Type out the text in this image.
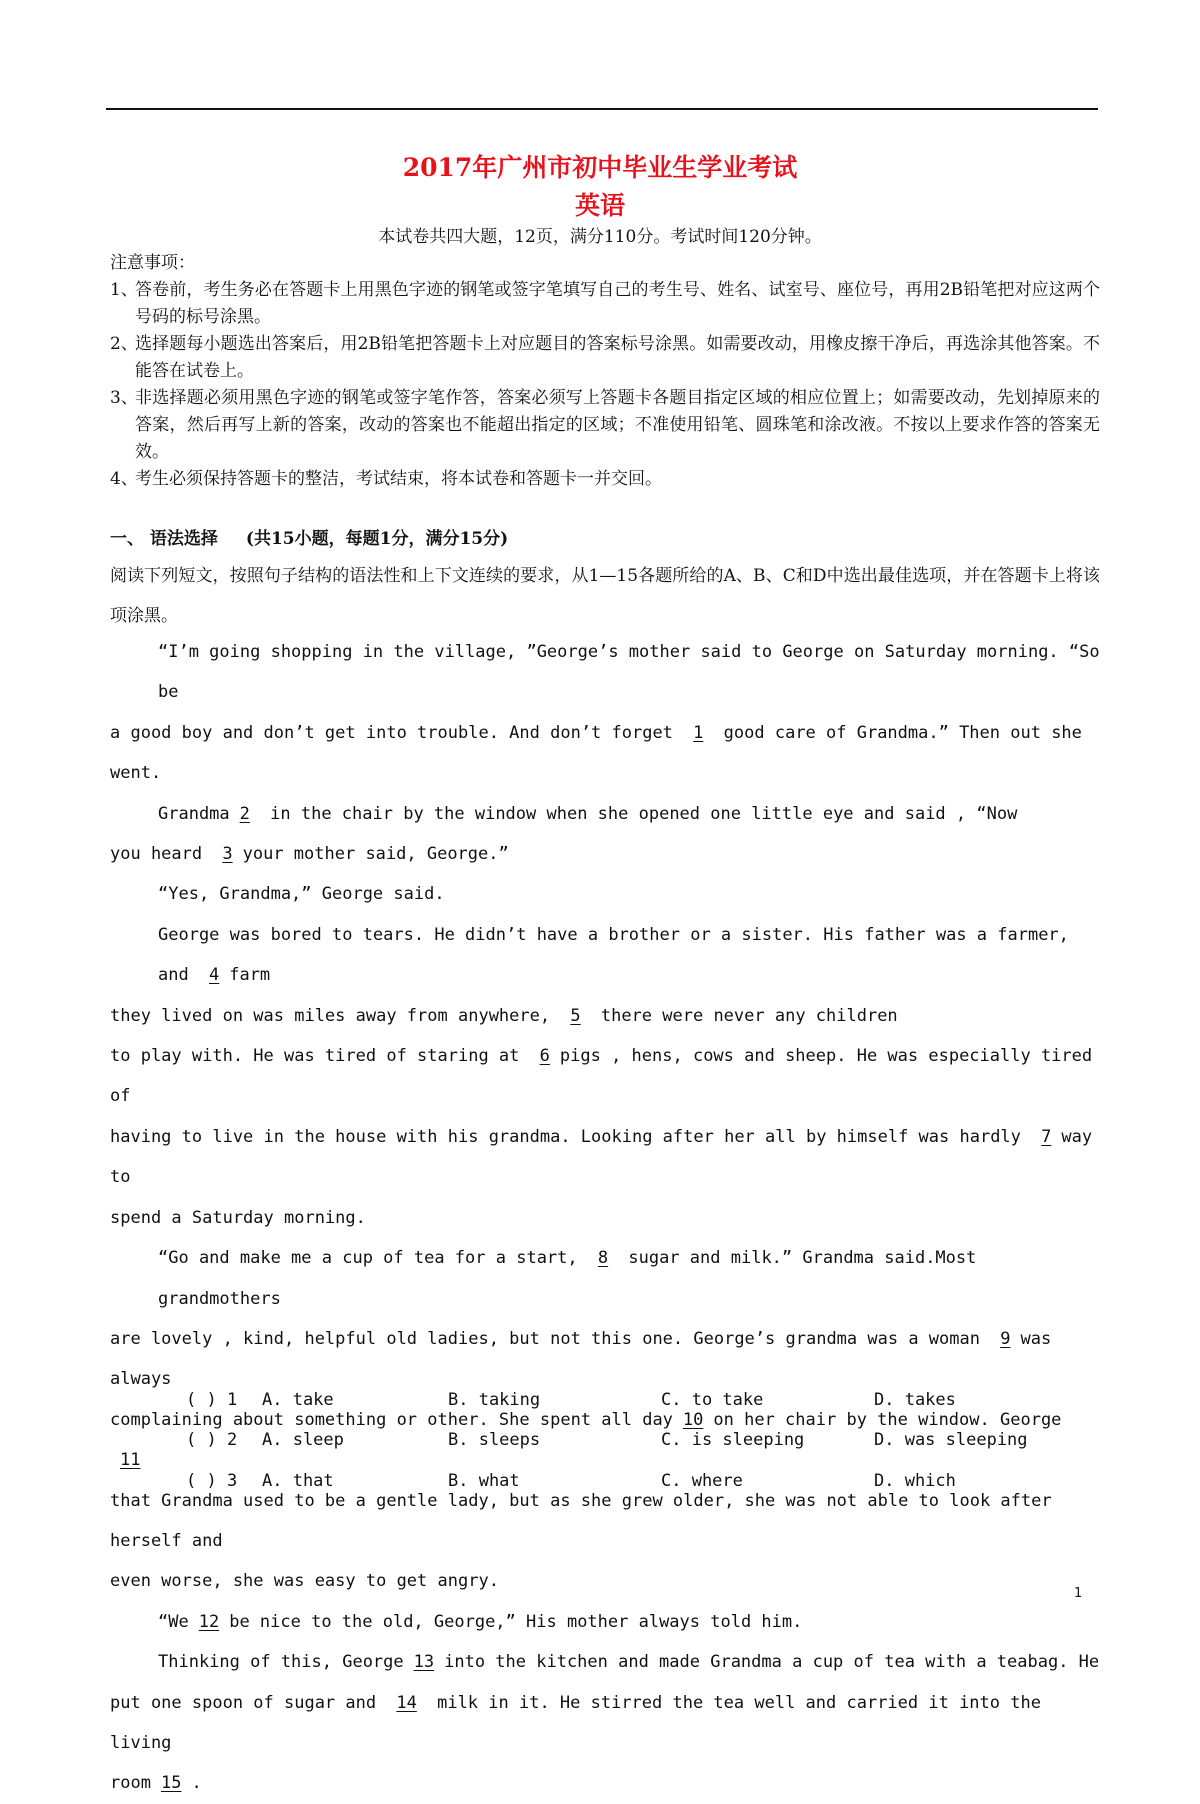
2017年广州市初中毕业生学业考试
英语
本试卷共四大题，12页，满分110分。考试时间120分钟。

注意事项：

1、
答卷前，考生务必在答题卡上用黑色字迹的钢笔或签字笔填写自己的考生号、姓名、试室号、座位号，再用2B铅笔把对应这两个号码的标号涂黑。

2、
选择题每小题选出答案后，用2B铅笔把答题卡上对应题目的答案标号涂黑。如需要改动，用橡皮擦干净后，再选涂其他答案。不能答在试卷上。

3、
非选择题必须用黑色字迹的钢笔或签字笔作答，答案必须写上答题卡各题目指定区域的相应位置上；如需要改动，先划掉原来的答案，然后再写上新的答案，改动的答案也不能超出指定的区域；不准使用铅笔、圆珠笔和涂改液。不按以上要求作答的答案无效。

4、
考生必须保持答题卡的整洁，考试结束，将本试卷和答题卡一并交回。

一、 语法选择 (共15小题，每题1分，满分15分)
阅读下列短文，按照句子结构的语法性和上下文连续的要求，从1—15各题所给的A、B、C和D中选出最佳选项，并在答题卡上将该项涂黑。

“I’m going shopping in the village, ”George’s mother said to George on Saturday morning. “So be

a good boy and don’t get into trouble. And don’t forget 1 good care of Grandma.” Then out she went.

Grandma 2 in the chair by the window when she opened one little eye and said , “Now

you heard 3 your mother said, George.”

“Yes, Grandma,” George said.

George was bored to tears. He didn’t have a brother or a sister. His father was a farmer, and 4 farm

they lived on was miles away from anywhere, 5 there were never any children

to play with. He was tired of staring at 6 pigs , hens, cows and sheep. He was especially tired of

having to live in the house with his grandma. Looking after her all by himself was hardly 7 way to

spend a Saturday morning.

“Go and make me a cup of tea for a start, 8 sugar and milk.” Grandma said.Most grandmothers

are lovely , kind, helpful old ladies, but not this one. George’s grandma was a woman 9 was always

complaining about something or other. She spent all day 10 on her chair by the window. George11

that Grandma used to be a gentle lady, but as she grew older, she was not able to look after herself and

even worse, she was easy to get angry.

“We 12 be nice to the old, George,” His mother always told him.

Thinking of this, George 13 into the kitchen and made Grandma a cup of tea with a teabag. He

put one spoon of sugar and 14 milk in it. He stirred the tea well and carried it into the living

room 15 .

( ) 1 A. take	B. taking	C. to take	D. takes
( ) 2 A. sleep	B. sleeps	C. is sleeping	D. was sleeping
( ) 3 A. that	B. what	C. where	D. which
1
